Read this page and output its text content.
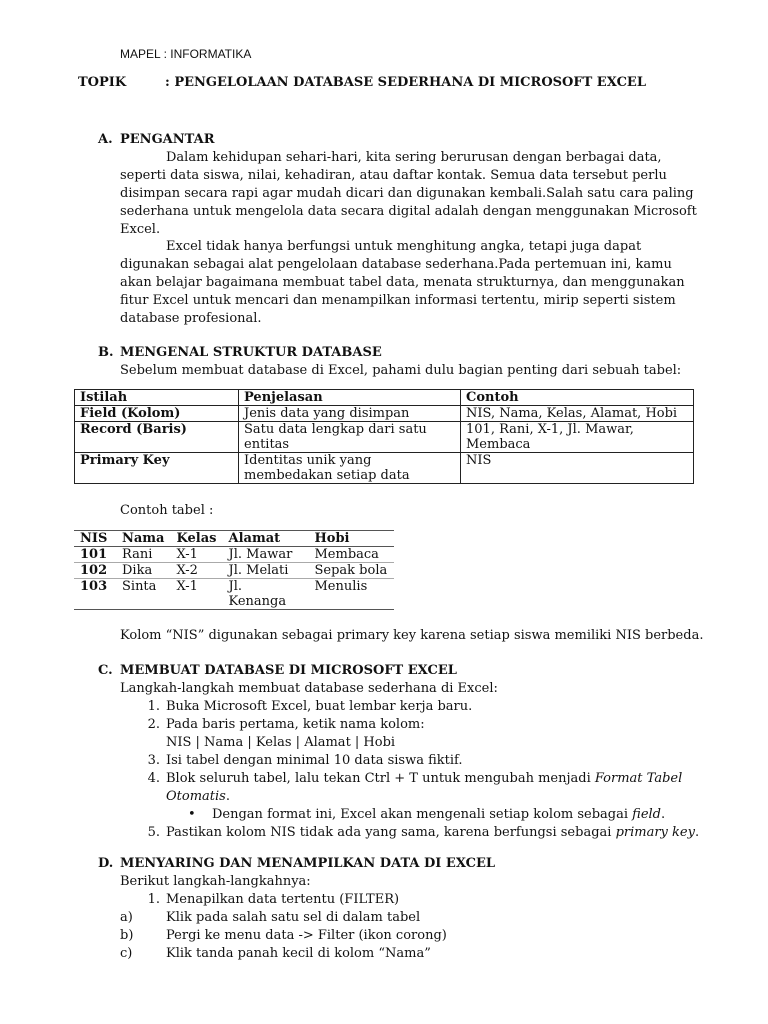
MAPEL : INFORMATIKA
TOPIK	: PENGELOLAAN DATABASE SEDERHANA DI MICROSOFT EXCEL
A. PENGANTAR
Dalam kehidupan sehari-hari, kita sering berurusan dengan berbagai data, seperti data siswa, nilai, kehadiran, atau daftar kontak. Semua data tersebut perlu disimpan secara rapi agar mudah dicari dan digunakan kembali.Salah satu cara paling sederhana untuk mengelola data secara digital adalah dengan menggunakan Microsoft Excel.
Excel tidak hanya berfungsi untuk menghitung angka, tetapi juga dapat digunakan sebagai alat pengelolaan database sederhana.Pada pertemuan ini, kamu akan belajar bagaimana membuat tabel data, menata strukturnya, dan menggunakan fitur Excel untuk mencari dan menampilkan informasi tertentu, mirip seperti sistem database profesional.
B. MENGENAL STRUKTUR DATABASE
Sebelum membuat database di Excel, pahami dulu bagian penting dari sebuah tabel:
Istilah	Penjelasan	Contoh
Field (Kolom)	Jenis data yang disimpan	NIS, Nama, Kelas, Alamat, Hobi
Record (Baris)	Satu data lengkap dari satu entitas	101, Rani, X-1, Jl. Mawar, Membaca
Primary Key	Identitas unik yang membedakan setiap data	NIS
Contoh tabel :
NIS	Nama	Kelas	Alamat	Hobi
101	Rani	X-1	Jl. Mawar	Membaca
102	Dika	X-2	Jl. Melati	Sepak bola
103	Sinta	X-1	Jl. Kenanga	Menulis
Kolom “NIS” digunakan sebagai primary key karena setiap siswa memiliki NIS berbeda.
C. MEMBUAT DATABASE DI MICROSOFT EXCEL
Langkah-langkah membuat database sederhana di Excel:
1. Buka Microsoft Excel, buat lembar kerja baru.
2. Pada baris pertama, ketik nama kolom:
NIS | Nama | Kelas | Alamat | Hobi
3. Isi tabel dengan minimal 10 data siswa fiktif.
4. Blok seluruh tabel, lalu tekan Ctrl + T untuk mengubah menjadi Format Tabel Otomatis.
• Dengan format ini, Excel akan mengenali setiap kolom sebagai field.
5. Pastikan kolom NIS tidak ada yang sama, karena berfungsi sebagai primary key.
D. MENYARING DAN MENAMPILKAN DATA DI EXCEL
Berikut langkah-langkahnya:
1. Menapilkan data tertentu (FILTER)
a)	Klik pada salah satu sel di dalam tabel
b)	Pergi ke menu data -> Filter (ikon corong)
c)	Klik tanda panah kecil di kolom “Nama”
